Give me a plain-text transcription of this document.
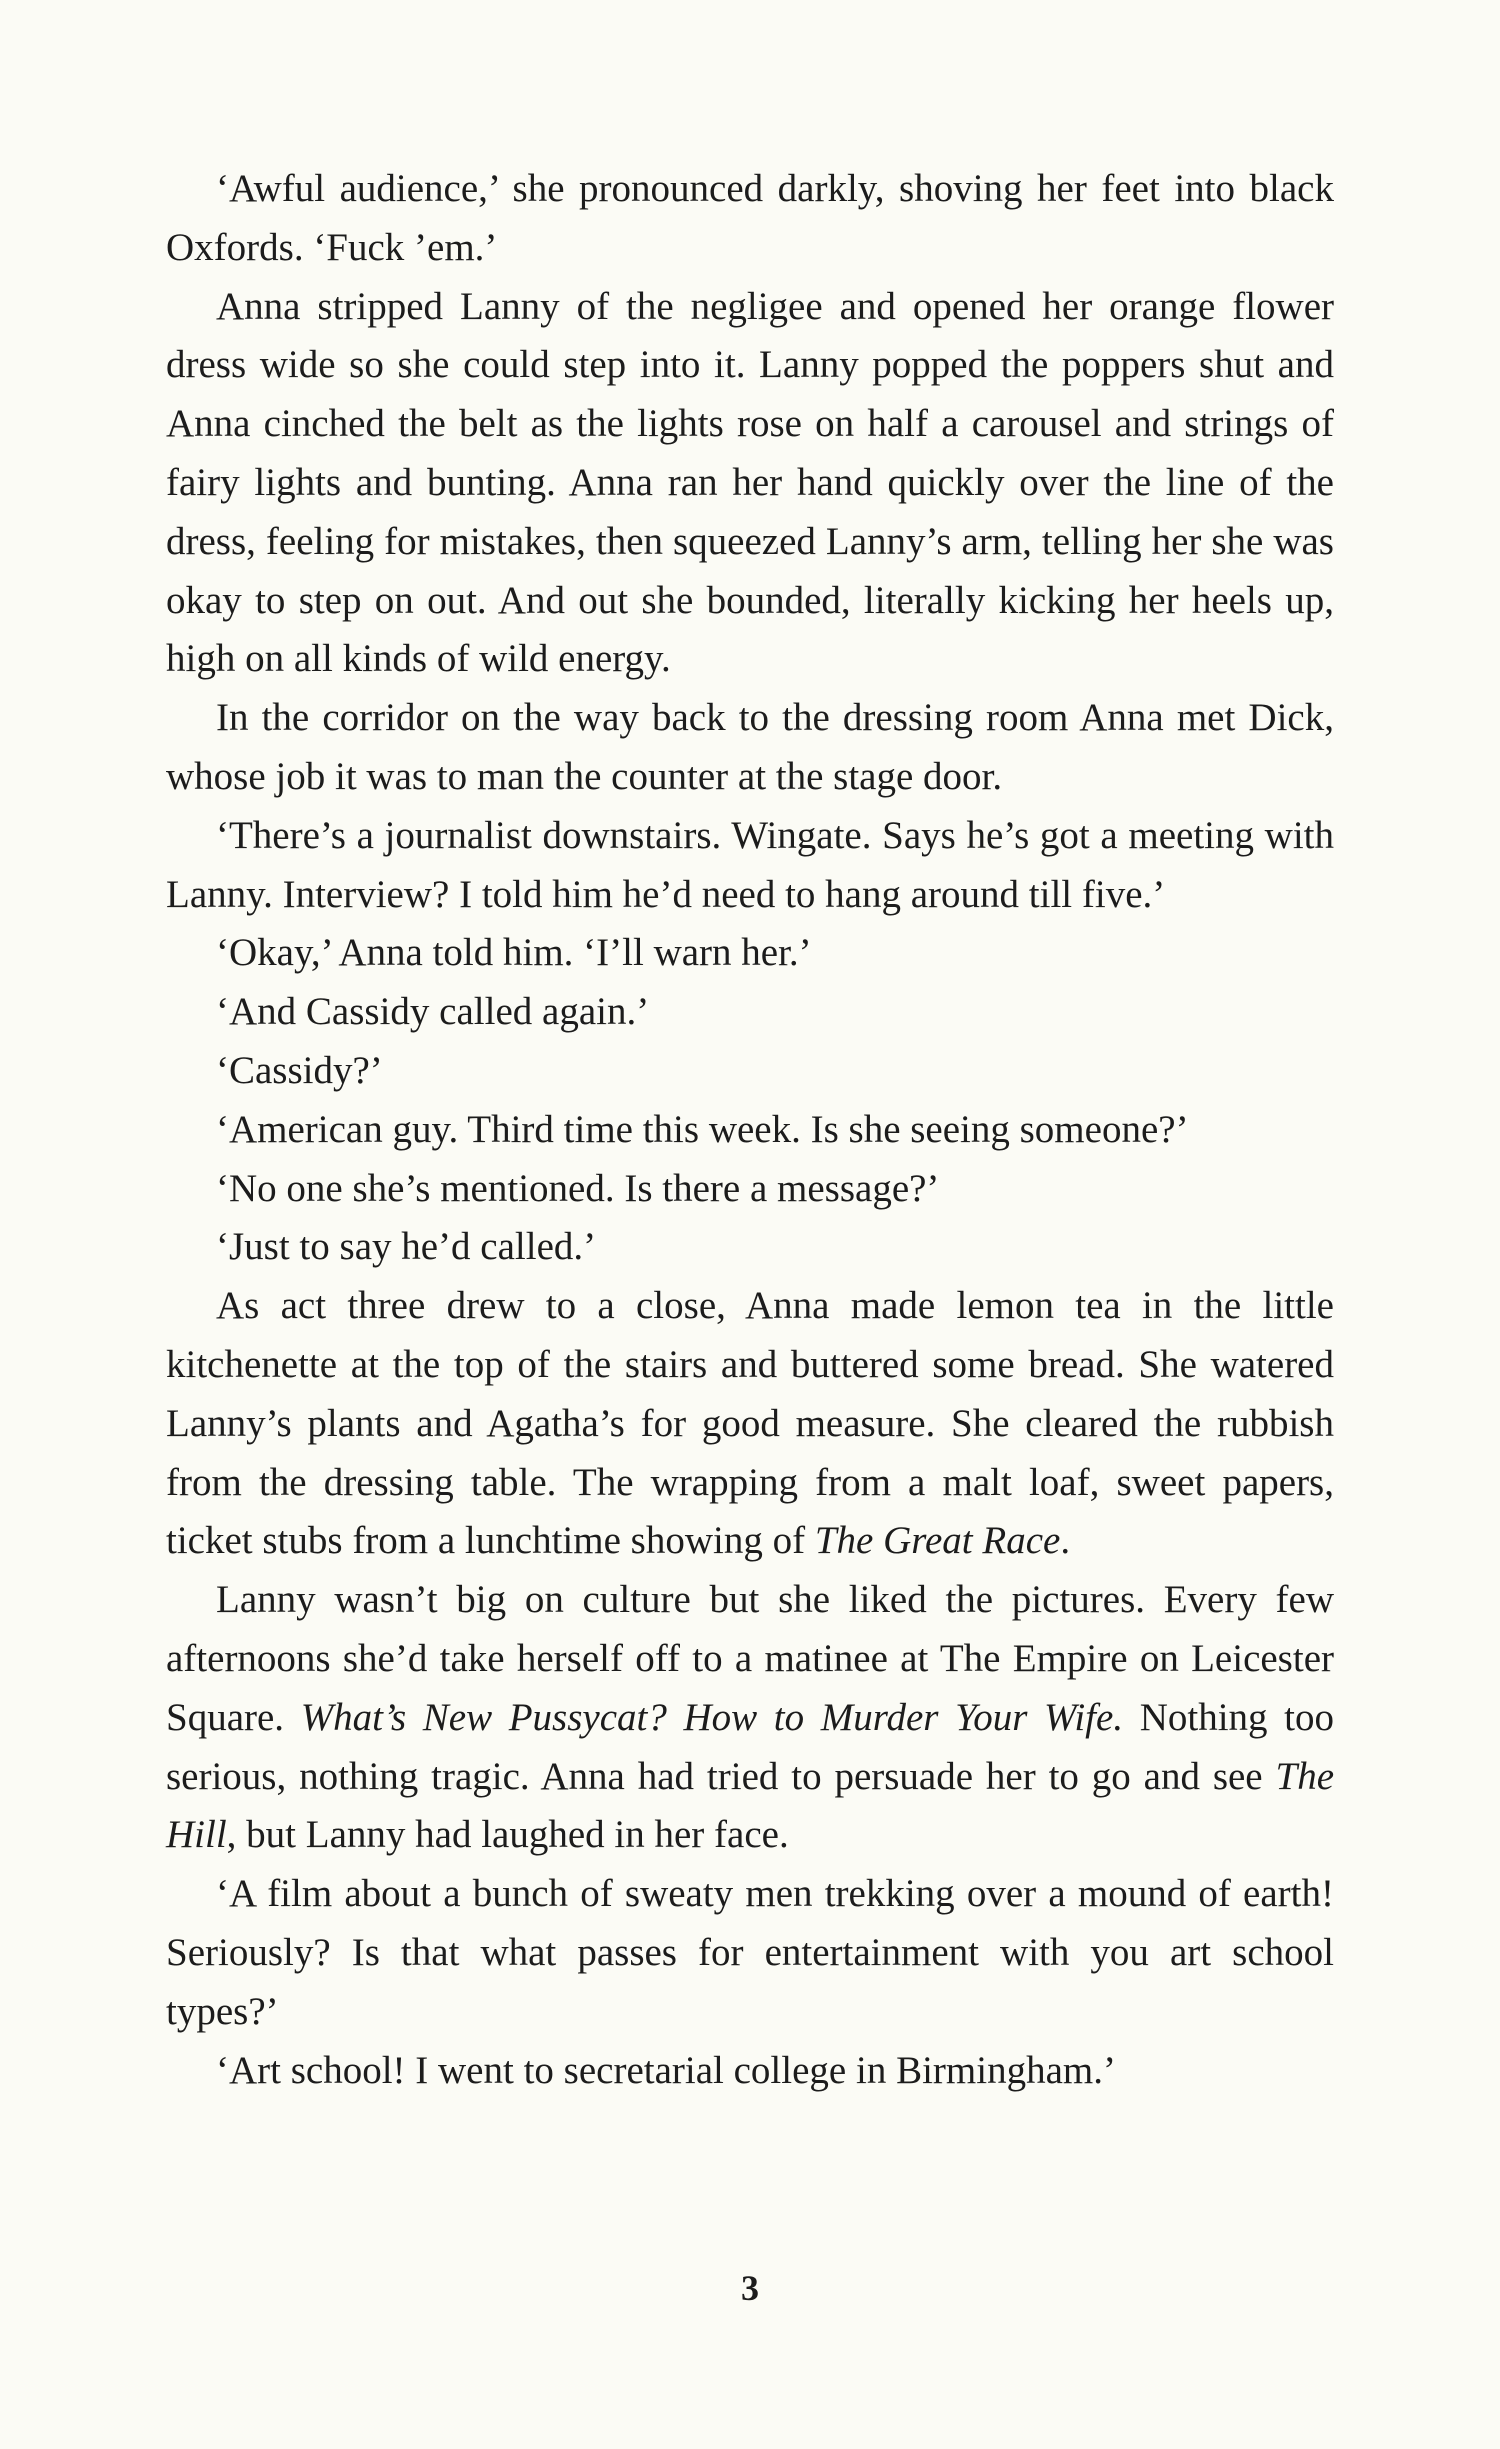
‘Awful audience,’ she pronounced darkly, shoving her feet into black Oxfords. ‘Fuck ’em.’

Anna stripped Lanny of the negligee and opened her orange flower dress wide so she could step into it. Lanny popped the poppers shut and Anna cinched the belt as the lights rose on half a carousel and strings of fairy lights and bunting. Anna ran her hand quickly over the line of the dress, feeling for mistakes, then squeezed Lanny’s arm, telling her she was okay to step on out. And out she bounded, literally kicking her heels up, high on all kinds of wild energy.

In the corridor on the way back to the dressing room Anna met Dick, whose job it was to man the counter at the stage door.

‘There’s a journalist downstairs. Wingate. Says he’s got a meeting with Lanny. Interview? I told him he’d need to hang around till five.’

‘Okay,’ Anna told him. ‘I’ll warn her.’

‘And Cassidy called again.’

‘Cassidy?’

‘American guy. Third time this week. Is she seeing someone?’

‘No one she’s mentioned. Is there a message?’

‘Just to say he’d called.’

As act three drew to a close, Anna made lemon tea in the little kitchenette at the top of the stairs and buttered some bread. She watered Lanny’s plants and Agatha’s for good measure. She cleared the rubbish from the dressing table. The wrapping from a malt loaf, sweet papers, ticket stubs from a lunchtime showing of The Great Race.

Lanny wasn’t big on culture but she liked the pictures. Every few afternoons she’d take herself off to a matinee at The Empire on Leicester Square. What’s New Pussycat? How to Murder Your Wife. Nothing too serious, nothing tragic. Anna had tried to persuade her to go and see The Hill, but Lanny had laughed in her face.

‘A film about a bunch of sweaty men trekking over a mound of earth! Seriously? Is that what passes for entertainment with you art school types?’

‘Art school! I went to secretarial college in Birmingham.’

3
